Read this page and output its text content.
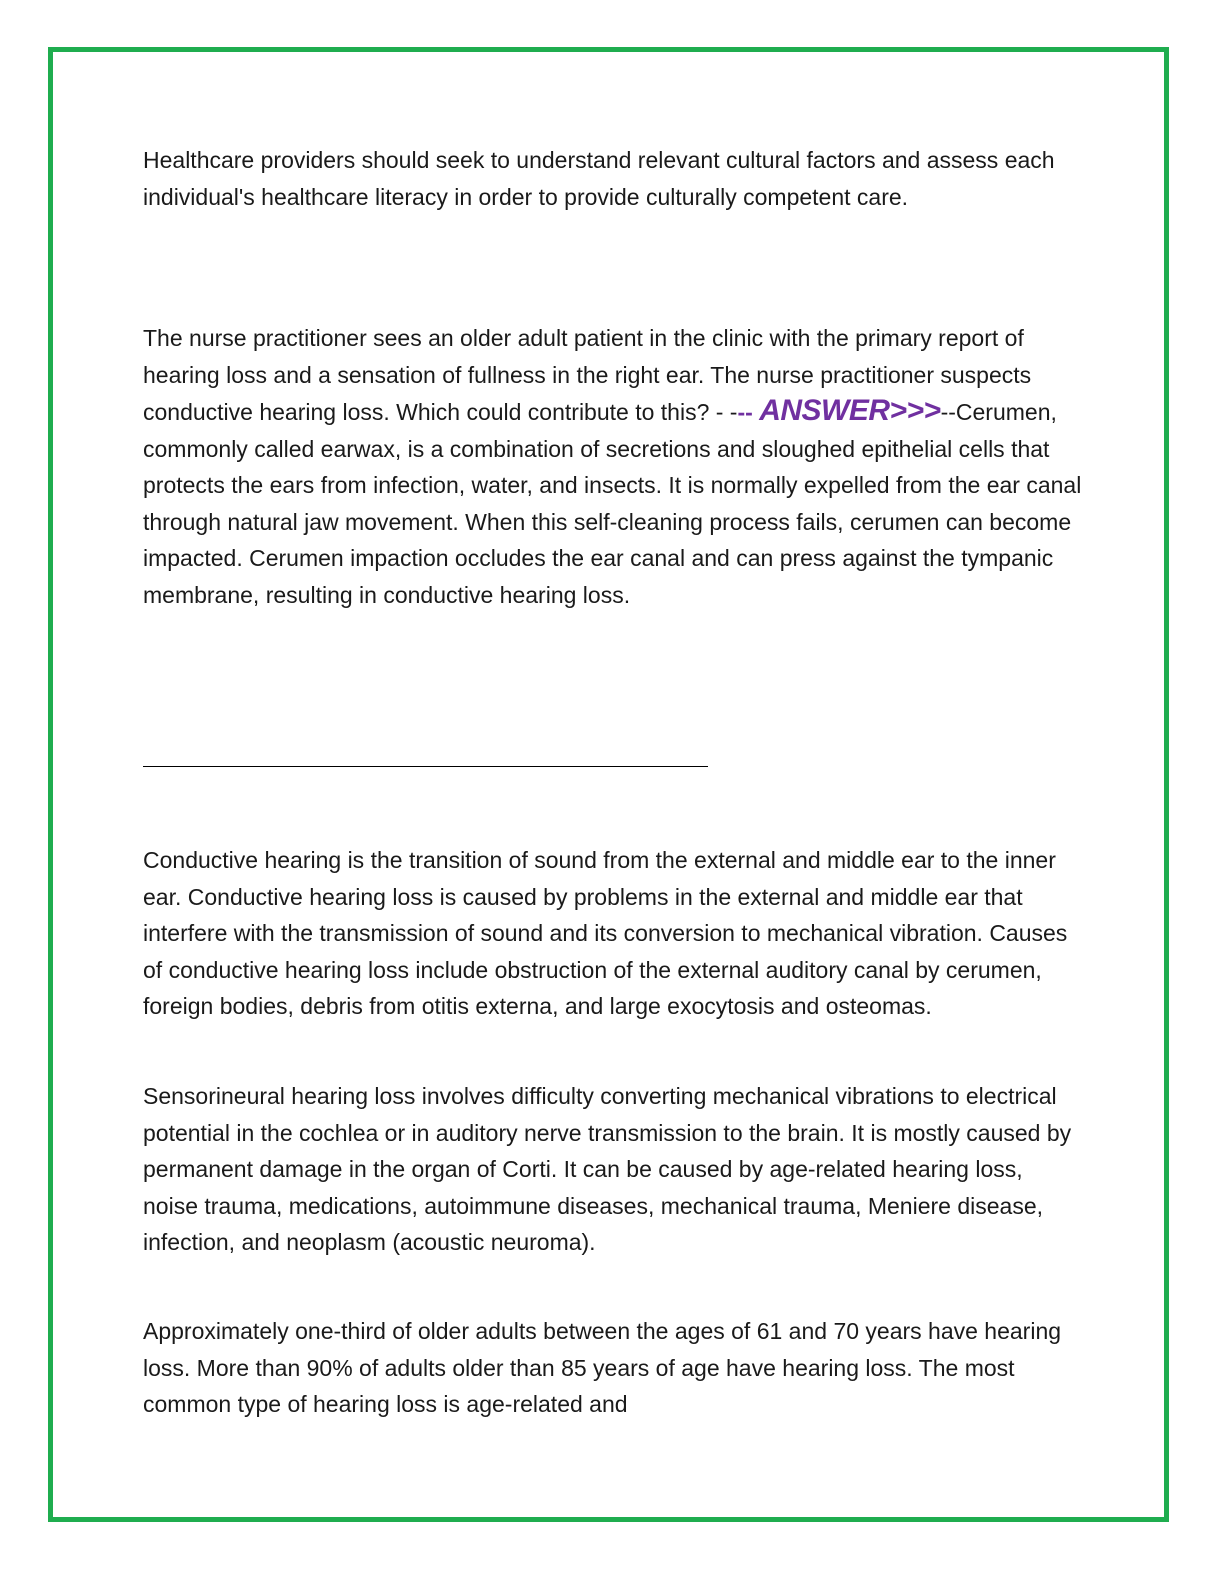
Healthcare providers should seek to understand relevant cultural factors and assess each individual's healthcare literacy in order to provide culturally competent care.

The nurse practitioner sees an older adult patient in the clinic with the primary report of hearing loss and a sensation of fullness in the right ear. The nurse practitioner suspects conductive hearing loss. Which could contribute to this? - --- ANSWER>>>--Cerumen, commonly called earwax, is a combination of secretions and sloughed epithelial cells that protects the ears from infection, water, and insects. It is normally expelled from the ear canal through natural jaw movement. When this self-cleaning process fails, cerumen can become impacted. Cerumen impaction occludes the ear canal and can press against the tympanic membrane, resulting in conductive hearing loss.

Conductive hearing is the transition of sound from the external and middle ear to the inner ear. Conductive hearing loss is caused by problems in the external and middle ear that interfere with the transmission of sound and its conversion to mechanical vibration. Causes of conductive hearing loss include obstruction of the external auditory canal by cerumen, foreign bodies, debris from otitis externa, and large exocytosis and osteomas.

Sensorineural hearing loss involves difficulty converting mechanical vibrations to electrical potential in the cochlea or in auditory nerve transmission to the brain. It is mostly caused by permanent damage in the organ of Corti. It can be caused by age-related hearing loss, noise trauma, medications, autoimmune diseases, mechanical trauma, Meniere disease, infection, and neoplasm (acoustic neuroma).

Approximately one-third of older adults between the ages of 61 and 70 years have hearing loss. More than 90% of adults older than 85 years of age have hearing loss. The most common type of hearing loss is age-related and
